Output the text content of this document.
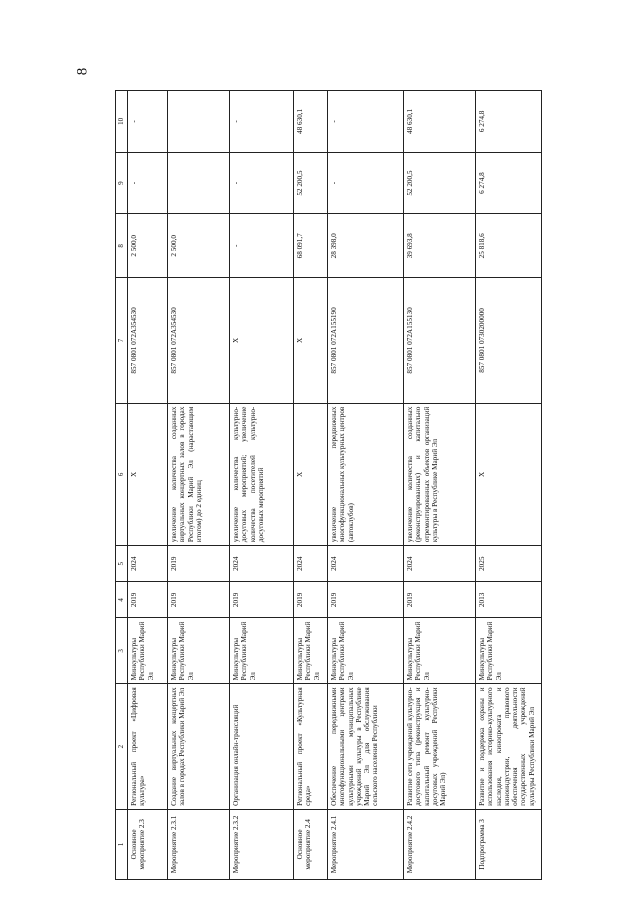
8
1	2	3	4	5	6	7	8	9	10
Основное мероприятие 2.3	Региональный проект «Цифровая культура»	Минкультуры Республики Марий Эл	2019	2024	X	857 0801 072A354530	2 500,0	-	-
Мероприятие 2.3.1	Создание виртуальных концертных залов в городах Республики Марий Эл	Минкультуры Республики Марий Эл	2019	2019	увеличение количества созданных виртуальных концертных залов в городах Республики Марий Эл (нарастающим итогом) до 2 единиц	857 0801 072A354530	2 500,0		
Мероприятие 2.3.2	Организация онлайн-трансляций	Минкультуры Республики Марий Эл	2019	2024	увеличение количества культурно-досуговых мероприятий; увеличение количества посетителей культурно-досуговых мероприятий	X	-	-	-
Основное мероприятие 2.4	Региональный проект «Культурная среда»	Минкультуры Республики Марий Эл	2019	2024	X	X	68 091,7	52 200,5	48 630,1
Мероприятие 2.4.1	Обеспечение передвижными многофункциональными центрами культурными муниципальных учреждений культуры в Республике Марий Эл для обслуживания сельского населения Республики	Минкультуры Республики Марий Эл	2019	2024	увеличение передвижных многофункциональных культурных центров (автоклубов)	857 0801 072A155190	28 398,0	-	-
Мероприятие 2.4.2	Развитие сети учреждений культурно-досугового типа (реконструкция и капитальный ремонт культурно-досуговых учреждений Республики Марий Эл)	Минкультуры Республики Марий Эл	2019	2024	увеличение количества созданных (реконструированных) и капитально отремонтированных объектов организаций культуры в Республике Марий Эл	857 0801 072A155130	39 693,8	52 200,5	48 630,1
Подпрограмма 3	Развитие и поддержка охраны и использования историко-культурного наследия, кинопроката и киноиндустрии, правового обеспечения деятельности государственных учреждений культуры Республики Марий Эл	Минкультуры Республики Марий Эл	2013	2025	X	857 0801 0730200000	25 818,6	6 274,8	6 274,8
